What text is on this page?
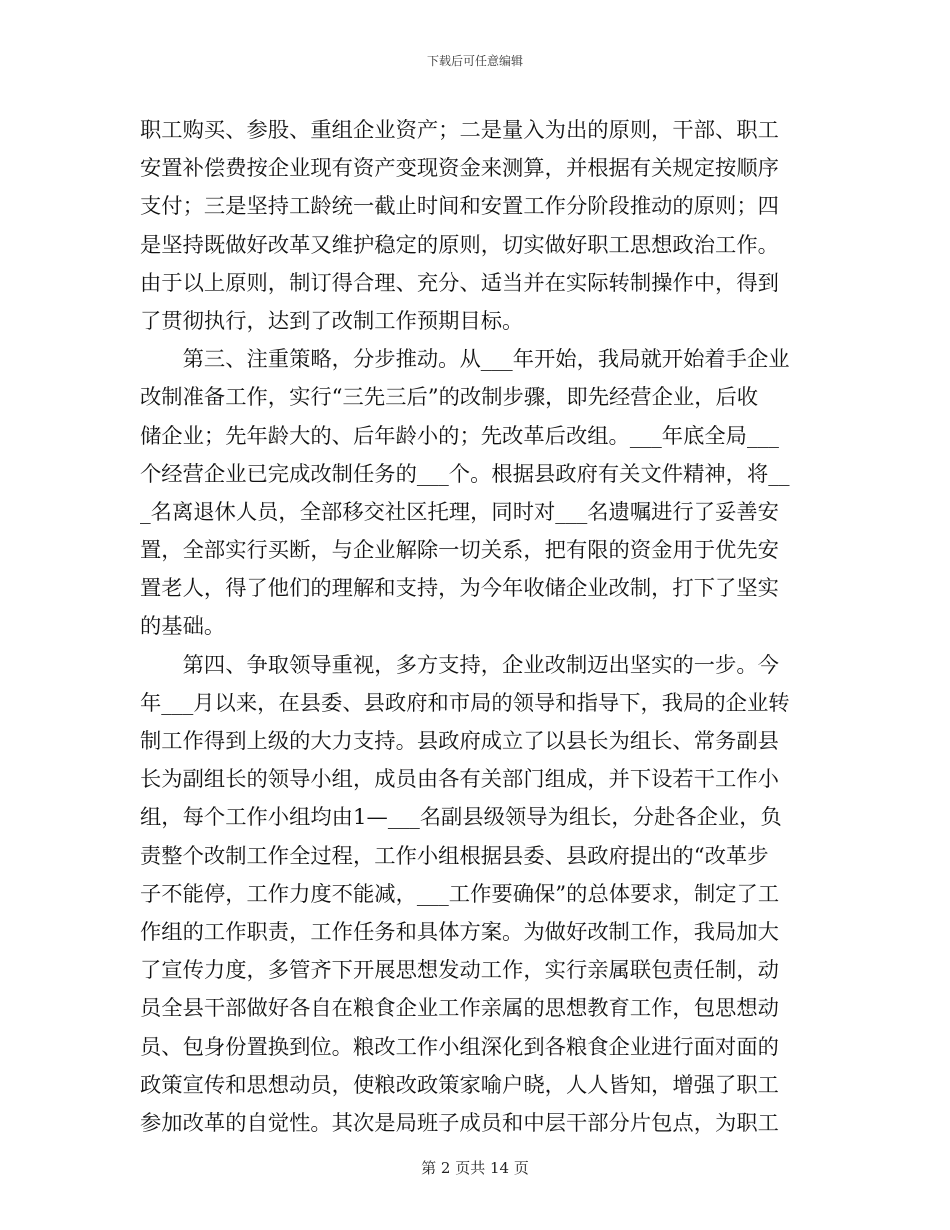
下载后可任意编辑
职工购买、参股、重组企业资产；二是量入为出的原则，干部、职工
安置补偿费按企业现有资产变现资金来测算，并根据有关规定按顺序
支付；三是坚持工龄统一截止时间和安置工作分阶段推动的原则；四
是坚持既做好改革又维护稳定的原则，切实做好职工思想政治工作。
由于以上原则，制订得合理、充分、适当并在实际转制操作中，得到
了贯彻执行，达到了改制工作预期目标。
　　第三、注重策略，分步推动。从___年开始，我局就开始着手企业
改制准备工作，实行“三先三后”的改制步骤，即先经营企业，后收
储企业；先年龄大的、后年龄小的；先改革后改组。___年底全局___
个经营企业已完成改制任务的___个。根据县政府有关文件精神，将__
_名离退休人员，全部移交社区托理，同时对___名遗嘱进行了妥善安
置，全部实行买断，与企业解除一切关系，把有限的资金用于优先安
置老人，得了他们的理解和支持，为今年收储企业改制，打下了坚实
的基础。
　　第四、争取领导重视，多方支持，企业改制迈出坚实的一步。今
年___月以来，在县委、县政府和市局的领导和指导下，我局的企业转
制工作得到上级的大力支持。县政府成立了以县长为组长、常务副县
长为副组长的领导小组，成员由各有关部门组成，并下设若干工作小
组，每个工作小组均由1—___名副县级领导为组长，分赴各企业，负
责整个改制工作全过程，工作小组根据县委、县政府提出的“改革步
子不能停，工作力度不能减，___工作要确保”的总体要求，制定了工
作组的工作职责，工作任务和具体方案。为做好改制工作，我局加大
了宣传力度，多管齐下开展思想发动工作，实行亲属联包责任制，动
员全县干部做好各自在粮食企业工作亲属的思想教育工作，包思想动
员、包身份置换到位。粮改工作小组深化到各粮食企业进行面对面的
政策宣传和思想动员，使粮改政策家喻户晓，人人皆知，增强了职工
参加改革的自觉性。其次是局班子成员和中层干部分片包点，为职工
第 2 页共 14 页
